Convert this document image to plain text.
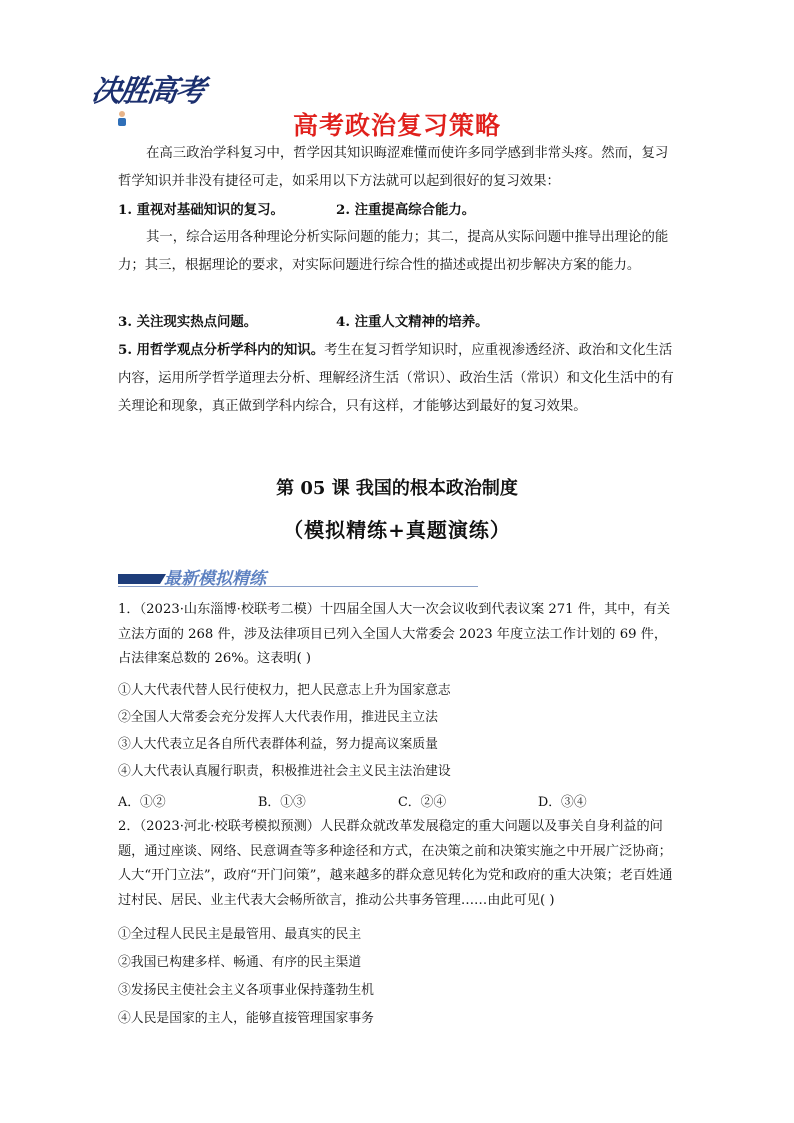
决胜高考
高考政治复习策略

在高三政治学科复习中，哲学因其知识晦涩难懂而使许多同学感到非常头疼。然而，复习哲学知识并非没有捷径可走，如采用以下方法就可以起到很好的复习效果：

1. 重视对基础知识的复习。	2. 注重提高综合能力。

其一，综合运用各种理论分析实际问题的能力；其二，提高从实际问题中推导出理论的能力；其三，根据理论的要求，对实际问题进行综合性的描述或提出初步解决方案的能力。

3. 关注现实热点问题。	4. 注重人文精神的培养。

5. 用哲学观点分析学科内的知识。考生在复习哲学知识时，应重视渗透经济、政治和文化生活内容，运用所学哲学道理去分析、理解经济生活（常识）、政治生活（常识）和文化生活中的有关理论和现象，真正做到学科内综合，只有这样，才能够达到最好的复习效果。

第 05 课 我国的根本政治制度
（模拟精练+真题演练）
最新模拟精练

1．（2023·山东淄博·校联考二模）十四届全国人大一次会议收到代表议案 271 件，其中，有关立法方面的 268 件，涉及法律项目已列入全国人大常委会 2023 年度立法工作计划的 69 件，占法律案总数的 26%。这表明( )

①人大代表代替人民行使权力，把人民意志上升为国家意志
②全国人大常委会充分发挥人大代表作用，推进民主立法
③人大代表立足各自所代表群体利益，努力提高议案质量
④人大代表认真履行职责，积极推进社会主义民主法治建设
A．①②	B．①③	C．②④	D．③④

2．（2023·河北·校联考模拟预测）人民群众就改革发展稳定的重大问题以及事关自身利益的问题，通过座谈、网络、民意调查等多种途径和方式，在决策之前和决策实施之中开展广泛协商；人大“开门立法”，政府“开门问策”，越来越多的群众意见转化为党和政府的重大决策；老百姓通过村民、居民、业主代表大会畅所欲言，推动公共事务管理……由此可见( )

①全过程人民民主是最管用、最真实的民主
②我国已构建多样、畅通、有序的民主渠道
③发扬民主使社会主义各项事业保持蓬勃生机
④人民是国家的主人，能够直接管理国家事务
